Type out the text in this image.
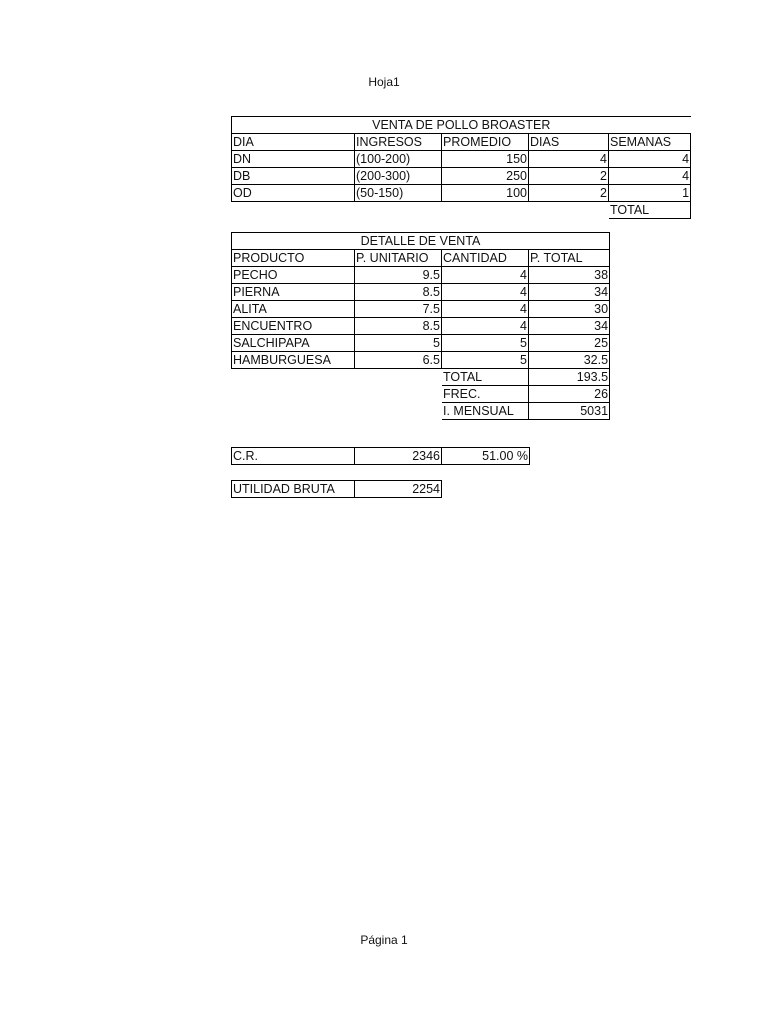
Hoja1
VENTA DE POLLO BROASTER				
DIA	INGRESOS	PROMEDIO	DIAS	SEMANAS
DN	(100-200)	150	4	4
DB	(200-300)	250	2	4
OD	(50-150)	100	2	1
				TOTAL
DETALLE DE VENTA			
PRODUCTO	P. UNITARIO	CANTIDAD	P. TOTAL
PECHO	9.5	4	38
PIERNA	8.5	4	34
ALITA	7.5	4	30
ENCUENTRO	8.5	4	34
SALCHIPAPA	5	5	25
HAMBURGUESA	6.5	5	32.5
		TOTAL	193.5
		FREC.	26
		I. MENSUAL	5031
C.R.	2346	51.00 %
UTILIDAD BRUTA	2254
Página 1
